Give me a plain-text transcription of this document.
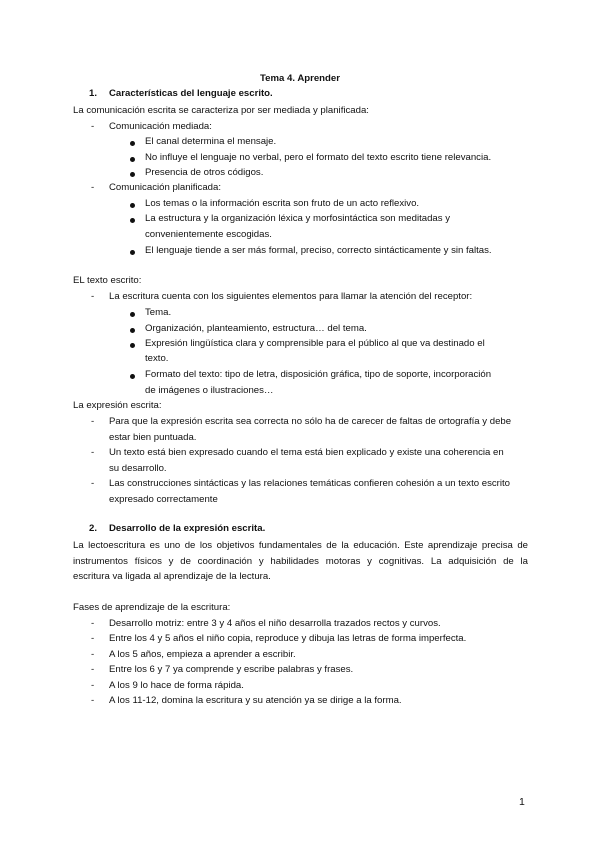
Tema 4. Aprender
1. Características del lenguaje escrito.
La comunicación escrita se caracteriza por ser mediada y planificada:
-	Comunicación mediada:
El canal determina el mensaje.
No influye el lenguaje no verbal, pero el formato del texto escrito tiene relevancia.
Presencia de otros códigos.
-	Comunicación planificada:
Los temas o la información escrita son fruto de un acto reflexivo.
La estructura y la organización léxica y morfosintáctica son meditadas y
convenientemente escogidas.
El lenguaje tiende a ser más formal, preciso, correcto sintácticamente y sin faltas.
EL texto escrito:
-	La escritura cuenta con los siguientes elementos para llamar la atención del receptor:
Tema.
Organización, planteamiento, estructura… del tema.
Expresión lingüística clara y comprensible para el público al que va destinado el
texto.
Formato del texto: tipo de letra, disposición gráfica, tipo de soporte, incorporación
de imágenes o ilustraciones…
La expresión escrita:
-	Para que la expresión escrita sea correcta no sólo ha de carecer de faltas de ortografía y debe
estar bien puntuada.
-	Un texto está bien expresado cuando el tema está bien explicado y existe una coherencia en
su desarrollo.
-	Las construcciones sintácticas y las relaciones temáticas confieren cohesión a un texto escrito
expresado correctamente
2. Desarrollo de la expresión escrita.
La lectoescritura es uno de los objetivos fundamentales de la educación. Este aprendizaje precisa de
instrumentos físicos y de coordinación y habilidades motoras y cognitivas. La adquisición de la
escritura va ligada al aprendizaje de la lectura.
Fases de aprendizaje de la escritura:
-	Desarrollo motriz: entre 3 y 4 años el niño desarrolla trazados rectos y curvos.
-	Entre los 4 y 5 años el niño copia, reproduce y dibuja las letras de forma imperfecta.
-	A los 5 años, empieza a aprender a escribir.
-	Entre los 6 y 7 ya comprende y escribe palabras y frases.
-	A los 9 lo hace de forma rápida.
-	A los 11-12, domina la escritura y su atención ya se dirige a la forma.
1
